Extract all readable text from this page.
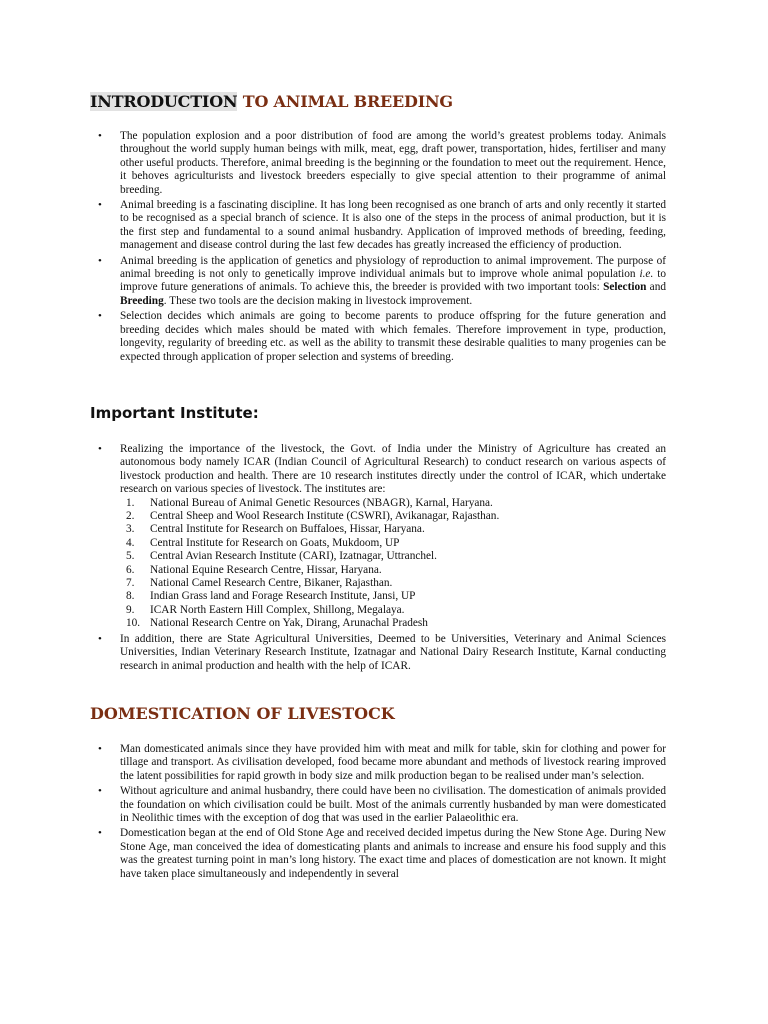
INTRODUCTION TO ANIMAL BREEDING
• The population explosion and a poor distribution of food are among the world’s greatest problems today. Animals throughout the world supply human beings with milk, meat, egg, draft power, transportation, hides, fertiliser and many other useful products. Therefore, animal breeding is the beginning or the foundation to meet out the requirement. Hence, it behoves agriculturists and livestock breeders especially to give special attention to their programme of animal breeding.
• Animal breeding is a fascinating discipline. It has long been recognised as one branch of arts and only recently it started to be recognised as a special branch of science. It is also one of the steps in the process of animal production, but it is the first step and fundamental to a sound animal husbandry. Application of improved methods of breeding, feeding, management and disease control during the last few decades has greatly increased the efficiency of production.
• Animal breeding is the application of genetics and physiology of reproduction to animal improvement. The purpose of animal breeding is not only to genetically improve individual animals but to improve whole animal population i.e. to improve future generations of animals. To achieve this, the breeder is provided with two important tools: Selection and Breeding. These two tools are the decision making in livestock improvement.
• Selection decides which animals are going to become parents to produce offspring for the future generation and breeding decides which males should be mated with which females. Therefore improvement in type, production, longevity, regularity of breeding etc. as well as the ability to transmit these desirable qualities to many progenies can be expected through application of proper selection and systems of breeding.
Important Institute:
• Realizing the importance of the livestock, the Govt. of India under the Ministry of Agriculture has created an autonomous body namely ICAR (Indian Council of Agricultural Research) to conduct research on various aspects of livestock production and health. There are 10 research institutes directly under the control of ICAR, which undertake research on various species of livestock. The institutes are:
1. National Bureau of Animal Genetic Resources (NBAGR), Karnal, Haryana.
2. Central Sheep and Wool Research Institute (CSWRI), Avikanagar, Rajasthan.
3. Central Institute for Research on Buffaloes, Hissar, Haryana.
4. Central Institute for Research on Goats, Mukdoom, UP
5. Central Avian Research Institute (CARI), Izatnagar, Uttranchel.
6. National Equine Research Centre, Hissar, Haryana.
7. National Camel Research Centre, Bikaner, Rajasthan.
8. Indian Grass land and Forage Research Institute, Jansi, UP
9. ICAR North Eastern Hill Complex, Shillong, Megalaya.
10. National Research Centre on Yak, Dirang, Arunachal Pradesh
• In addition, there are State Agricultural Universities, Deemed to be Universities, Veterinary and Animal Sciences Universities, Indian Veterinary Research Institute, Izatnagar and National Dairy Research Institute, Karnal conducting research in animal production and health with the help of ICAR.
DOMESTICATION OF LIVESTOCK
• Man domesticated animals since they have provided him with meat and milk for table, skin for clothing and power for tillage and transport. As civilisation developed, food became more abundant and methods of livestock rearing improved the latent possibilities for rapid growth in body size and milk production began to be realised under man’s selection.
• Without agriculture and animal husbandry, there could have been no civilisation. The domestication of animals provided the foundation on which civilisation could be built. Most of the animals currently husbanded by man were domesticated in Neolithic times with the exception of dog that was used in the earlier Palaeolithic era.
• Domestication began at the end of Old Stone Age and received decided impetus during the New Stone Age. During New Stone Age, man conceived the idea of domesticating plants and animals to increase and ensure his food supply and this was the greatest turning point in man’s long history. The exact time and places of domestication are not known. It might have taken place simultaneously and independently in several
